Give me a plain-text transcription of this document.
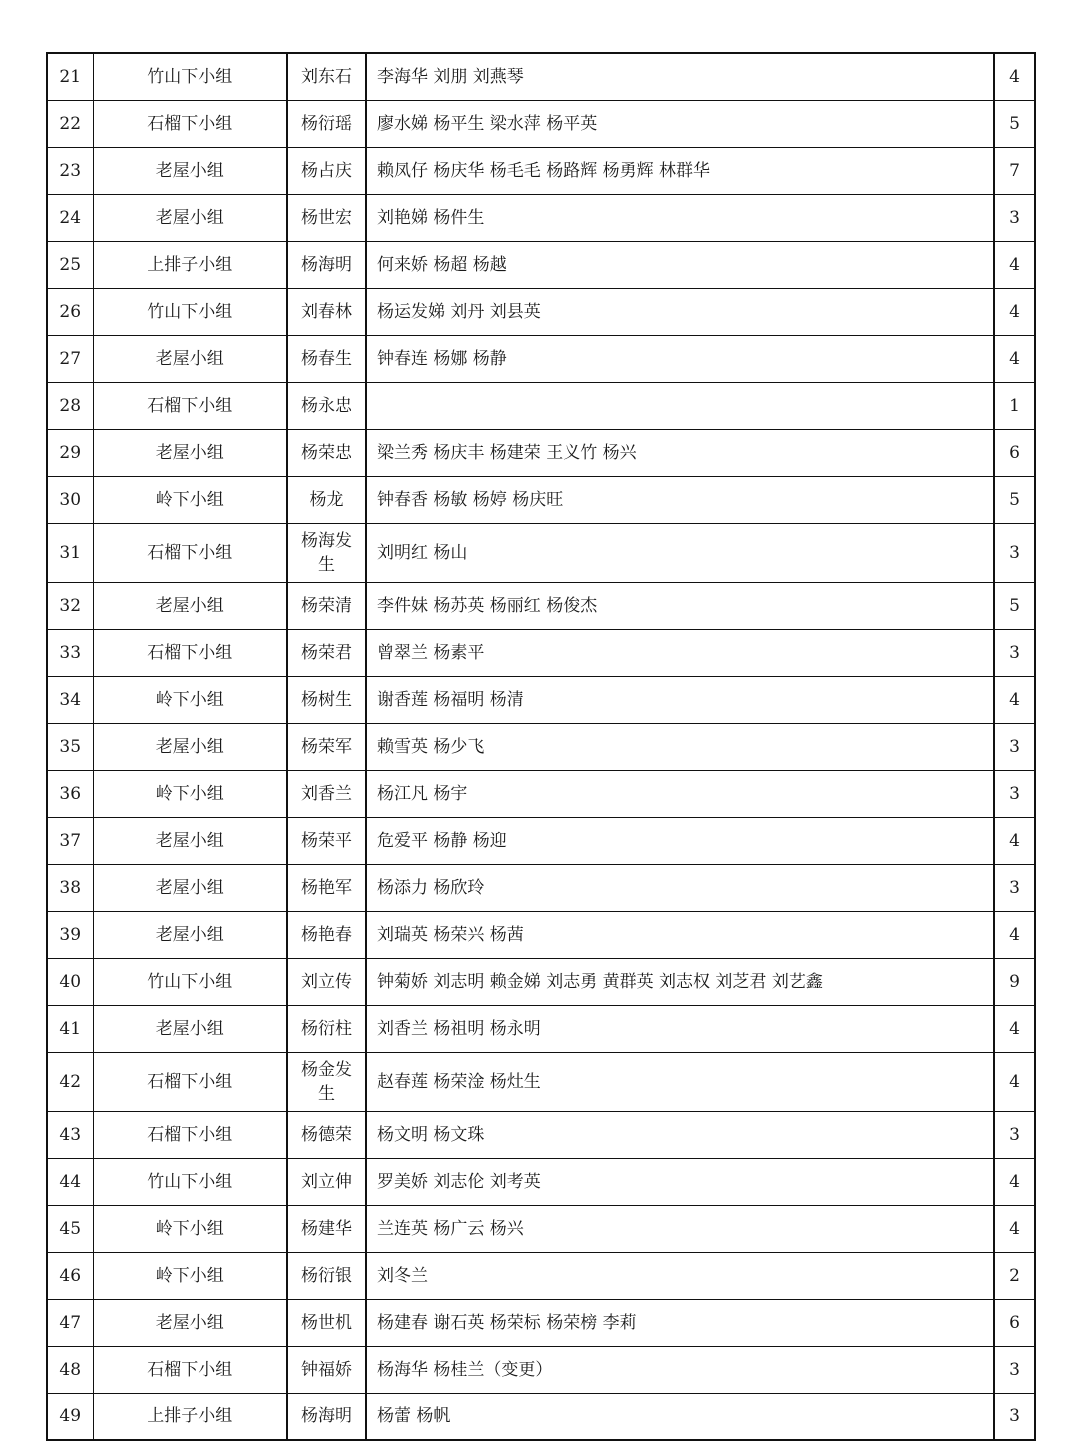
21	竹山下小组	刘东石	李海华 刘朋 刘燕琴	4
22	石榴下小组	杨衍瑶	廖水娣 杨平生 梁水萍 杨平英	5
23	老屋小组	杨占庆	赖凤仔 杨庆华 杨毛毛 杨路辉 杨勇辉 林群华	7
24	老屋小组	杨世宏	刘艳娣 杨件生	3
25	上排子小组	杨海明	何来娇 杨超 杨越	4
26	竹山下小组	刘春林	杨运发娣 刘丹 刘县英	4
27	老屋小组	杨春生	钟春连 杨娜 杨静	4
28	石榴下小组	杨永忠		1
29	老屋小组	杨荣忠	梁兰秀 杨庆丰 杨建荣 王义竹 杨兴	6
30	岭下小组	杨龙	钟春香 杨敏 杨婷 杨庆旺	5
31	石榴下小组	杨海发生	刘明红 杨山	3
32	老屋小组	杨荣清	李件妹 杨苏英 杨丽红 杨俊杰	5
33	石榴下小组	杨荣君	曾翠兰 杨素平	3
34	岭下小组	杨树生	谢香莲 杨福明 杨清	4
35	老屋小组	杨荣军	赖雪英 杨少飞	3
36	岭下小组	刘香兰	杨江凡 杨宇	3
37	老屋小组	杨荣平	危爱平 杨静 杨迎	4
38	老屋小组	杨艳军	杨添力 杨欣玲	3
39	老屋小组	杨艳春	刘瑞英 杨荣兴 杨茜	4
40	竹山下小组	刘立传	钟菊娇 刘志明 赖金娣 刘志勇 黄群英 刘志权 刘芝君 刘艺鑫	9
41	老屋小组	杨衍柱	刘香兰 杨祖明 杨永明	4
42	石榴下小组	杨金发生	赵春莲 杨荣淦 杨灶生	4
43	石榴下小组	杨德荣	杨文明 杨文珠	3
44	竹山下小组	刘立伸	罗美娇 刘志伦 刘考英	4
45	岭下小组	杨建华	兰连英 杨广云 杨兴	4
46	岭下小组	杨衍银	刘冬兰	2
47	老屋小组	杨世机	杨建春 谢石英 杨荣标 杨荣榜 李莉	6
48	石榴下小组	钟福娇	杨海华 杨桂兰（变更）	3
49	上排子小组	杨海明	杨蕾 杨帆	3
